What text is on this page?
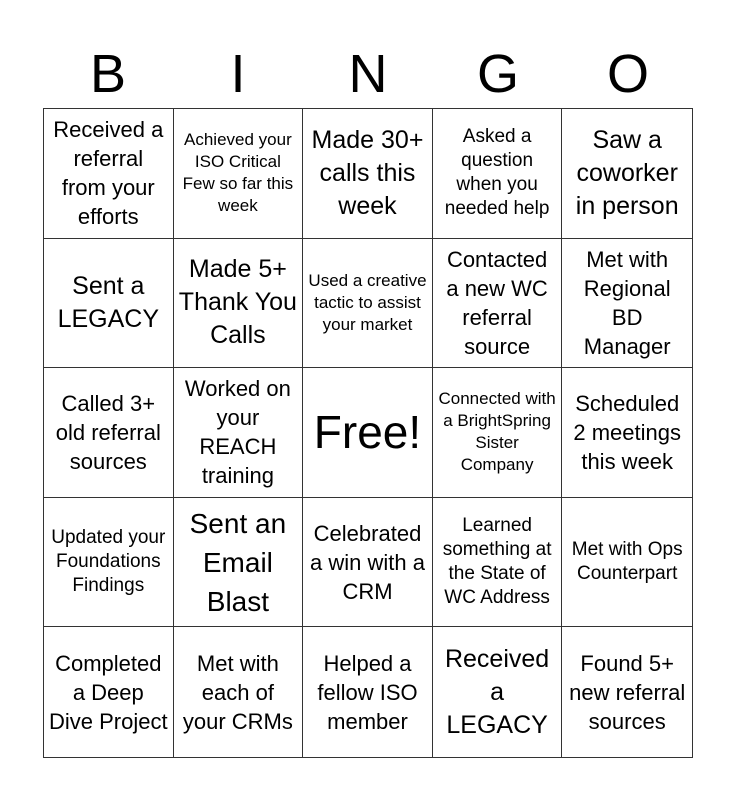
B	I	N	G	O
Received a referral from your efforts
Achieved your ISO Critical Few so far this week
Made 30+ calls this week
Asked a question when you needed help
Saw a coworker in person
Sent a LEGACY
Made 5+ Thank You Calls
Used a creative tactic to assist your market
Contacted a new WC referral source
Met with Regional BD Manager
Called 3+ old referral sources
Worked on your REACH training
Free!
Connected with a BrightSpring Sister Company
Scheduled 2 meetings this week
Updated your Foundations Findings
Sent an Email Blast
Celebrated a win with a CRM
Learned something at the State of WC Address
Met with Ops Counterpart
Completed a Deep Dive Project
Met with each of your CRMs
Helped a fellow ISO member
Received a LEGACY
Found 5+ new referral sources
